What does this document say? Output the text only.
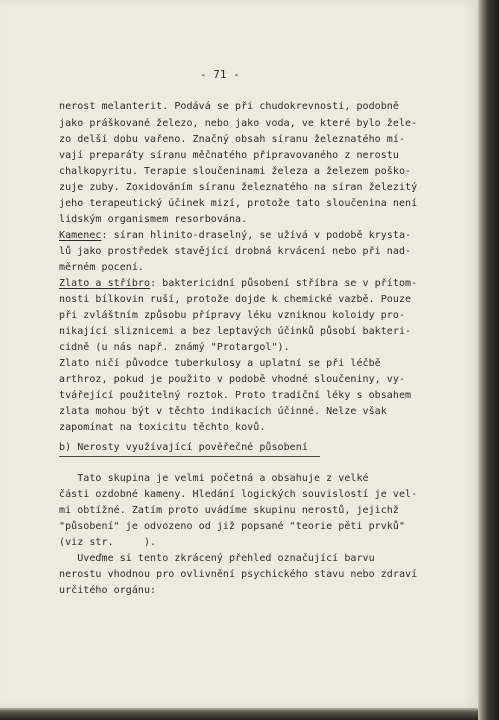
- 71 -
nerost melanterit. Podává se při chudokrevnosti, podobně
jako práškované železo, nebo jako voda, ve které bylo žele-
zo delší dobu vařeno. Značný obsah síranu železnatého mí-
vají preparáty síranu měčnatého připravovaného z nerostu
chalkopyritu. Terapie sloučeninami železa a železem poško-
zuje zuby. Zoxidováním síranu železnatého na síran železitý
jeho terapeutický účinek mizí, protože tato sloučenina není
lidským organismem resorbována.
Kamenec: síran hlinito-draselný, se užívá v podobě krysta-
lů jako prostředek stavějící drobná krvácení nebo při nad-
měrném pocení.
Zlato a stříbro: baktericidní působení stříbra se v přítom-
nosti bílkovin ruší, protože dojde k chemické vazbě. Pouze
při zvláštním způsobu přípravy léku vzniknou koloidy pro-
nikající sliznicemi a bez leptavých účinků působí bakteri-
cidně (u nás např. známý "Protargol").
Zlato ničí původce tuberkulosy a uplatní se při léčbě
arthroz, pokud je použito v podobě vhodné sloučeniny, vy-
tvářející použitelný roztok. Proto tradiční léky s obsahem
zlata mohou být v těchto indikacích účinné. Nelze však
zapomínat na toxicitu těchto kovů.
b) Nerosty využívající pověřečné působení
Tato skupina je velmi početná a obsahuje z velké
části ozdobné kameny. Hledání logických souvislostí je vel-
mi obtížné. Zatím proto uvádíme skupinu nerostů, jejichž
"působení" je odvozeno od již popsané "teorie pěti prvků"
(viz str.     ).
Uveďme si tento zkrácený přehled označující barvu
nerostu vhodnou pro ovlivnění psychického stavu nebo zdraví
určitého orgánu:
